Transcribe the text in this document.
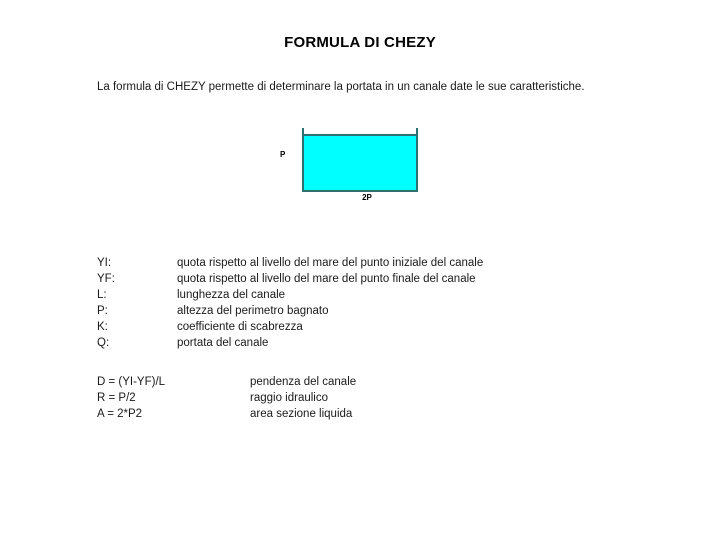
FORMULA DI CHEZY
La formula di CHEZY permette di determinare la portata in un canale date le sue caratteristiche.
P
2P
YI:	quota rispetto al livello del mare del punto iniziale del canale
YF:	quota rispetto al livello del mare del punto finale del canale
L:	lunghezza del canale
P:	altezza del perimetro bagnato
K:	coefficiente di scabrezza
Q:	portata del canale
D = (YI-YF)/L	pendenza del canale
R = P/2	raggio idraulico
A = 2*P2	area sezione liquida
